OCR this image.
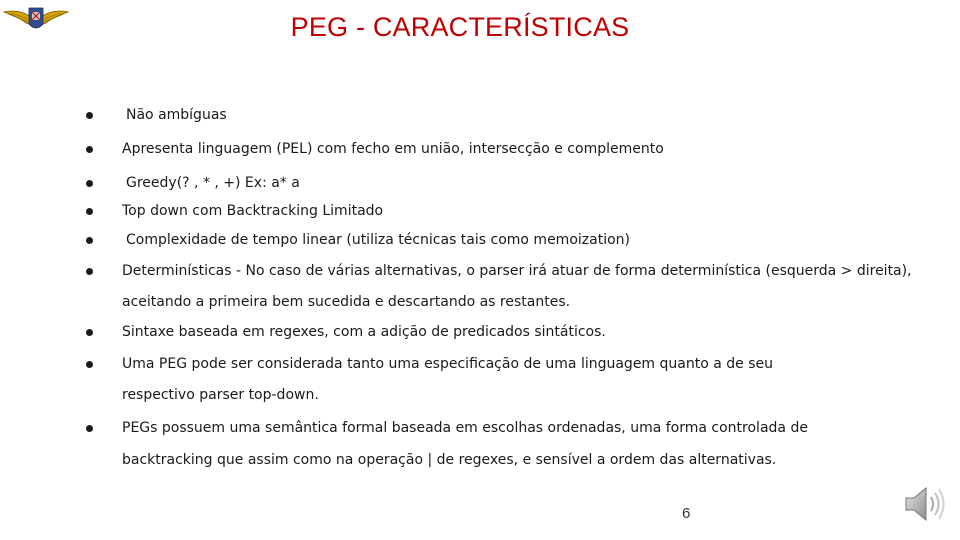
PEG - CARACTERÍSTICAS
Não ambíguas
Apresenta linguagem (PEL) com fecho em união, intersecção e complemento
Greedy(? , * , +) Ex: a* a
Top down com Backtracking Limitado
Complexidade de tempo linear (utiliza técnicas tais como memoization)
Determinísticas - No caso de várias alternativas, o parser irá atuar de forma determinística (esquerda > direita),
aceitando a primeira bem sucedida e descartando as restantes.
Sintaxe baseada em regexes, com a adição de predicados sintáticos.
Uma PEG pode ser considerada tanto uma especificação de uma linguagem quanto a de seu
respectivo parser top-down.
PEGs possuem uma semântica formal baseada em escolhas ordenadas, uma forma controlada de
backtracking que assim como na operação | de regexes, e sensível a ordem das alternativas.
6
